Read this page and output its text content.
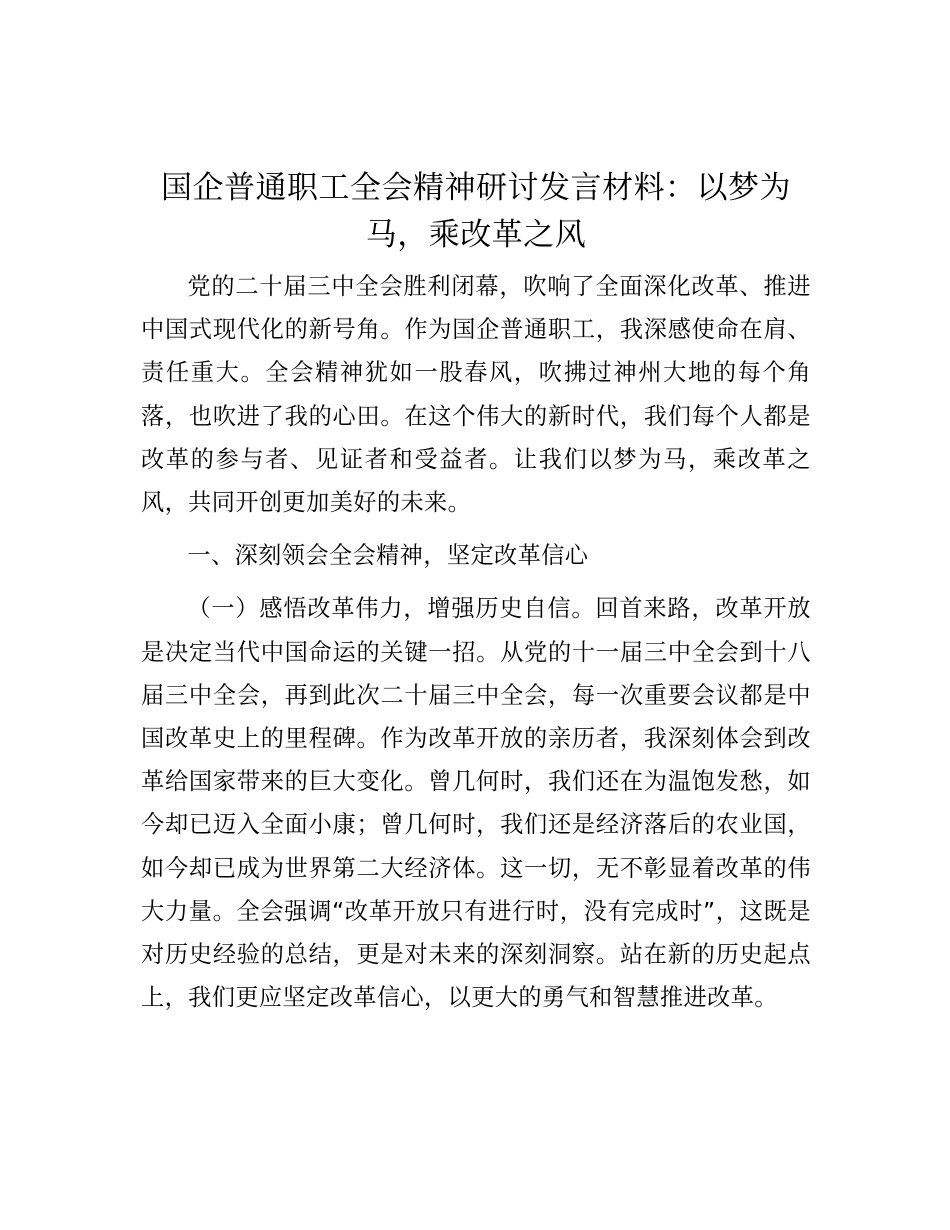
国企普通职工全会精神研讨发言材料：以梦为马，乘改革之风

党的二十届三中全会胜利闭幕，吹响了全面深化改革、推进中国式现代化的新号角。作为国企普通职工，我深感使命在肩、责任重大。全会精神犹如一股春风，吹拂过神州大地的每个角落，也吹进了我的心田。在这个伟大的新时代，我们每个人都是改革的参与者、见证者和受益者。让我们以梦为马，乘改革之风，共同开创更加美好的未来。

一、深刻领会全会精神，坚定改革信心

（一）感悟改革伟力，增强历史自信。回首来路，改革开放是决定当代中国命运的关键一招。从党的十一届三中全会到十八届三中全会，再到此次二十届三中全会，每一次重要会议都是中国改革史上的里程碑。作为改革开放的亲历者，我深刻体会到改革给国家带来的巨大变化。曾几何时，我们还在为温饱发愁，如今却已迈入全面小康；曾几何时，我们还是经济落后的农业国，如今却已成为世界第二大经济体。这一切，无不彰显着改革的伟大力量。全会强调“改革开放只有进行时，没有完成时”，这既是对历史经验的总结，更是对未来的深刻洞察。站在新的历史起点上，我们更应坚定改革信心，以更大的勇气和智慧推进改革。
